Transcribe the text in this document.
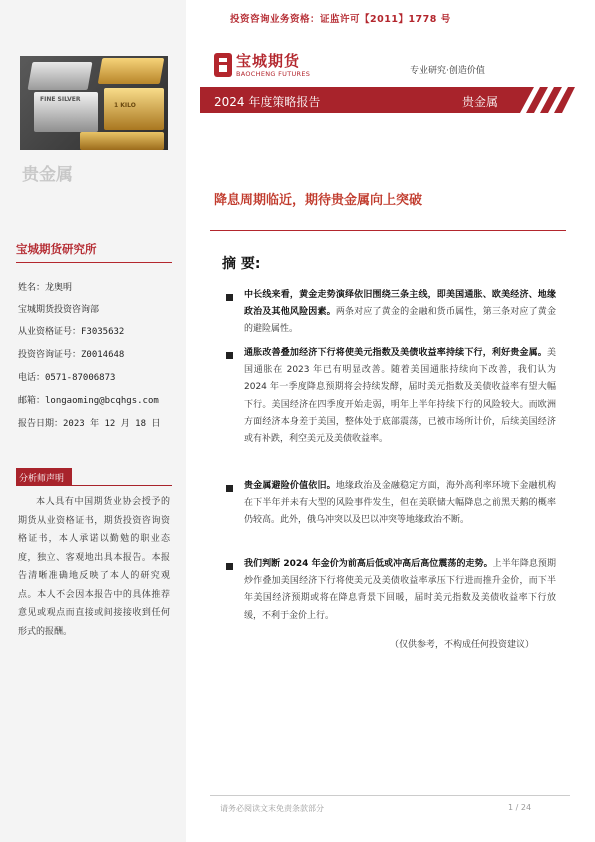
投资咨询业务资格：证监许可【2011】1778 号
FINE SILVER
1 KILO
贵金属
宝城期货
BAOCHENG FUTURES	专业研究·创造价值
2024 年度策略报告	贵金属
降息周期临近，期待贵金属向上突破
摘 要:
中长线来看，黄金走势演绎依旧围绕三条主线，即美国通胀、欧美经济、地缘政治及其他风险因素。两条对应了黄金的金融和货币属性，第三条对应了黄金的避险属性。
通胀改善叠加经济下行将使美元指数及美债收益率持续下行，利好贵金属。美国通胀在 2023 年已有明显改善。随着美国通胀持续向下改善，我们认为 2024 年一季度降息预期将会持续发酵，届时美元指数及美债收益率有望大幅下行。美国经济在四季度开始走弱，明年上半年持续下行的风险较大。而欧洲方面经济本身差于美国，整体处于底部震荡，已被市场所计价，后续美国经济或有补跌，利空美元及美债收益率。
贵金属避险价值依旧。地缘政治及金融稳定方面，海外高利率环境下金融机构在下半年并未有大型的风险事件发生，但在美联储大幅降息之前黑天鹅的概率仍较高。此外，俄乌冲突以及巴以冲突等地缘政治不断。
我们判断 2024 年金价为前高后低或冲高后高位震荡的走势。上半年降息预期炒作叠加美国经济下行将使美元及美债收益率承压下行进而推升金价，而下半年美国经济预期或将在降息背景下回暖，届时美元指数及美债收益率下行放缓，不利于金价上行。
（仅供参考，不构成任何投资建议）
宝城期货研究所
姓名：龙奥明
宝城期货投资咨询部
从业资格证号：F3035632
投资咨询证号：Z0014648
电话：0571-87006873
邮箱：longaoming@bcqhgs.com
报告日期：2023 年 12 月 18 日
分析师声明
本人具有中国期货业协会授予的期货从业资格证书，期货投资咨询资格证书，本人承诺以勤勉的职业态度，独立、客观地出具本报告。本报告清晰准确地反映了本人的研究观点。本人不会因本报告中的具体推荐意见或观点而直接或间接接收到任何形式的报酬。
请务必阅读文末免责条款部分	1 / 24
